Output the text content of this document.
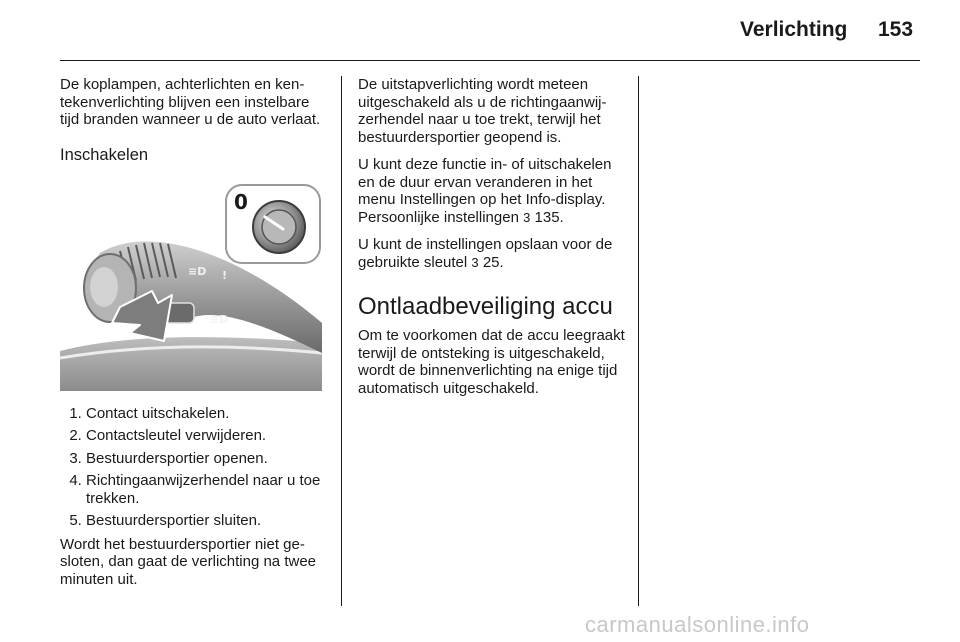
Verlichting 153

De koplampen, achterlichten en kentekenverlichting blijven een instelbare tijd branden wanneer u de auto verlaat.

Inschakelen
≡D !
≡D
0
1. Contact uitschakelen.
2. Contactsleutel verwijderen.
3. Bestuurdersportier openen.
4. Richtingaanwijzerhendel naar u toe trekken.
5. Bestuurdersportier sluiten.

Wordt het bestuurdersportier niet gesloten, dan gaat de verlichting na twee minuten uit.

De uitstapverlichting wordt meteen uitgeschakeld als u de richtingaanwijzerhendel naar u toe trekt, terwijl het bestuurdersportier geopend is.

U kunt deze functie in- of uitschakelen en de duur ervan veranderen in het menu Instellingen op het Info-display. Persoonlijke instellingen 3 135.

U kunt de instellingen opslaan voor de gebruikte sleutel 3 25.

Ontlaadbeveiliging accu

Om te voorkomen dat de accu leegraakt terwijl de ontsteking is uitgeschakeld, wordt de binnenverlichting na enige tijd automatisch uitgeschakeld.

carmanualsonline.info
